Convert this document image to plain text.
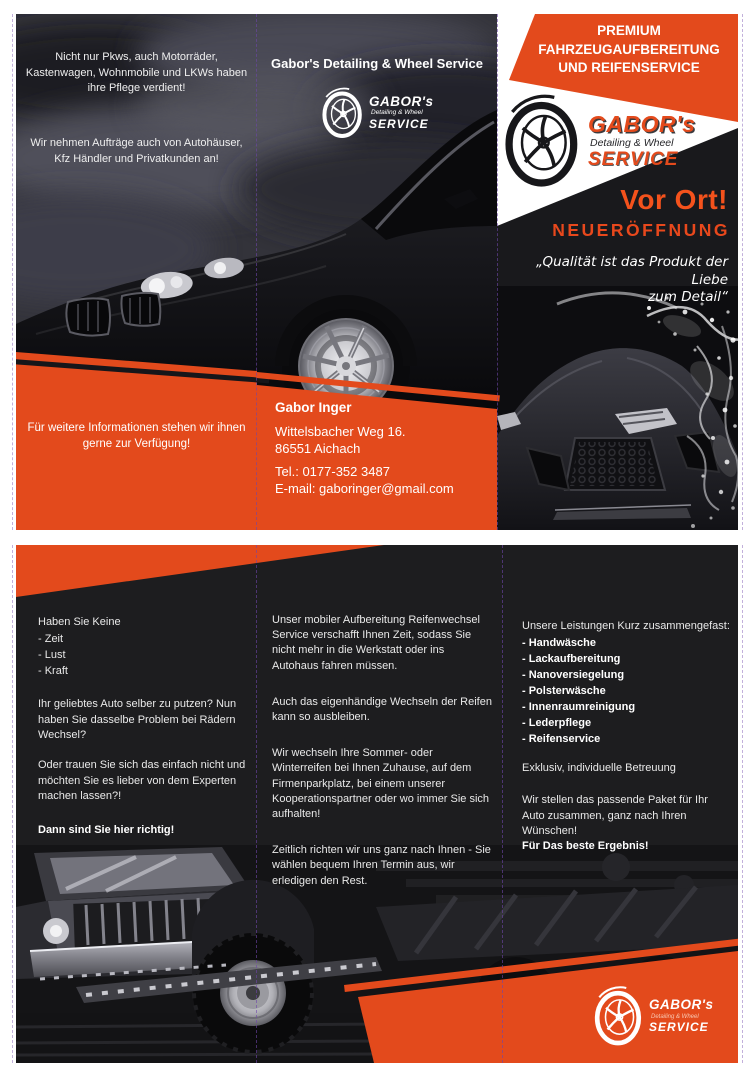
Nicht nur Pkws, auch Motorräder, Kastenwagen, Wohnmobile und LKWs haben ihre Pflege verdient!
Wir nehmen Aufträge auch von Autohäuser, Kfz Händler und Privatkunden an!
Für weitere Informationen stehen wir ihnen gerne zur Verfügung!
Gabor's Detailing & Wheel Service
GABOR's
Detailing & Wheel
SERVICE
Gabor Inger
Wittelsbacher Weg 16.
86551 Aichach
Tel.: 0177-352 3487
E-mail: gaboringer@gmail.com
PREMIUM
FAHRZEUGAUFBEREITUNG
UND REIFENSERVICE
GABOR's
Detailing & Wheel
SERVICE
Vor Ort!
NEUERÖFFNUNG
„Qualität ist das Produkt der Liebe
zum Detail“
Haben Sie Keine
- Zeit
- Lust
- Kraft
Ihr geliebtes Auto selber zu putzen? Nun haben Sie dasselbe Problem bei Rädern Wechsel?
Oder trauen Sie sich das einfach nicht und möchten Sie es lieber von dem Experten machen lassen?!
Dann sind Sie hier richtig!

Unser mobiler Aufbereitung Reifenwechsel Service verschafft Ihnen Zeit, sodass Sie nicht mehr in die Werkstatt oder ins Autohaus fahren müssen.

Auch das eigenhändige Wechseln der Reifen kann so ausbleiben.

Wir wechseln Ihre Sommer- oder Winterreifen bei Ihnen Zuhause, auf dem Firmenparkplatz, bei einem unserer Kooperationspartner oder wo immer Sie sich aufhalten!

Zeitlich richten wir uns ganz nach Ihnen - Sie wählen bequem Ihren Termin aus, wir erledigen den Rest.

Unsere Leistungen Kurz zusammengefast:
- Handwäsche
- Lackaufbereitung
- Nanoversiegelung
- Polsterwäsche
- Innenraumreinigung
- Lederpflege
- Reifenservice
Exklusiv, individuelle Betreuung
Wir stellen das passende Paket für Ihr Auto zusammen, ganz nach Ihren Wünschen!
Für Das beste Ergebnis!
GABOR's
Detailing & Wheel
SERVICE
